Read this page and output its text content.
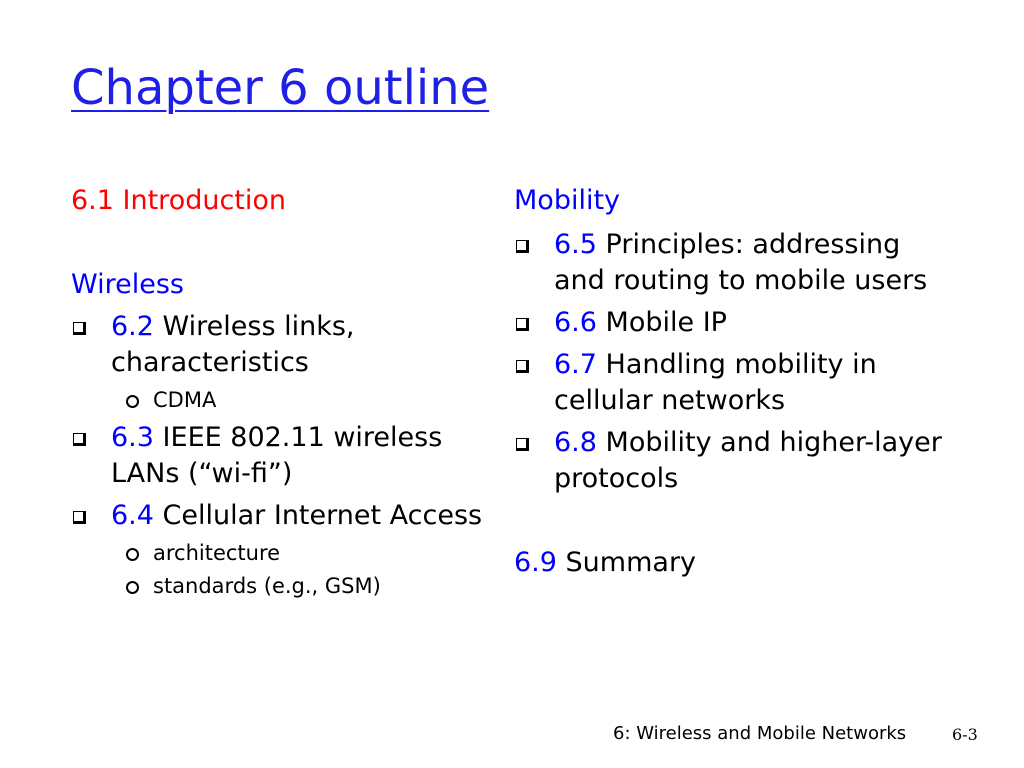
Chapter 6 outline
6.1 Introduction
Wireless
6.2 Wireless links, characteristics
CDMA
6.3 IEEE 802.11 wireless LANs (“wi-fi”)
6.4 Cellular Internet Access
architecture
standards (e.g., GSM)
Mobility
6.5 Principles: addressing and routing to mobile users
6.6 Mobile IP
6.7 Handling mobility in cellular networks
6.8 Mobility and higher-layer protocols
6.9 Summary
6: Wireless and Mobile Networks	6-3
